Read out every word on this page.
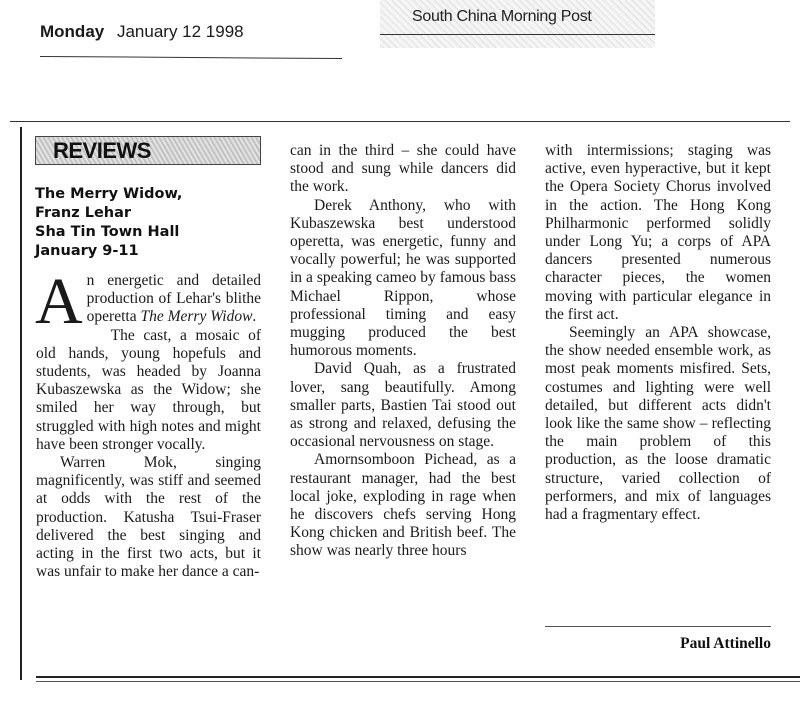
Monday January 12 1998
South China Morning Post
REVIEWS
The Merry Widow,
Franz Lehar
Sha Tin Town Hall
January 9-11

An energetic and detailed production of Lehar's blithe operetta The Merry Widow.

The cast, a mosaic of old hands, young hopefuls and students, was headed by Joanna Kubaszewska as the Widow; she smiled her way through, but struggled with high notes and might have been stronger vocally.

Warren Mok, singing magnificently, was stiff and seemed at odds with the rest of the production. Katusha Tsui-Fraser delivered the best singing and acting in the first two acts, but it was unfair to make her dance a can-

can in the third – she could have stood and sung while dancers did the work.

Derek Anthony, who with Kubaszewska best understood operetta, was energetic, funny and vocally powerful; he was supported in a speaking cameo by famous bass Michael Rippon, whose professional timing and easy mugging produced the best humorous moments.

David Quah, as a frustrated lover, sang beautifully. Among smaller parts, Bastien Tai stood out as strong and relaxed, defusing the occasional nervousness on stage.

Amornsomboon Pichead, as a restaurant manager, had the best local joke, exploding in rage when he discovers chefs serving Hong Kong chicken and British beef. The show was nearly three hours

with intermissions; staging was active, even hyperactive, but it kept the Opera Society Chorus involved in the action. The Hong Kong Philharmonic performed solidly under Long Yu; a corps of APA dancers presented numerous character pieces, the women moving with particular elegance in the first act.

Seemingly an APA showcase, the show needed ensemble work, as most peak moments misfired. Sets, costumes and lighting were well detailed, but different acts didn't look like the same show – reflecting the main problem of this production, as the loose dramatic structure, varied collection of performers, and mix of languages had a fragmentary effect.

Paul Attinello
